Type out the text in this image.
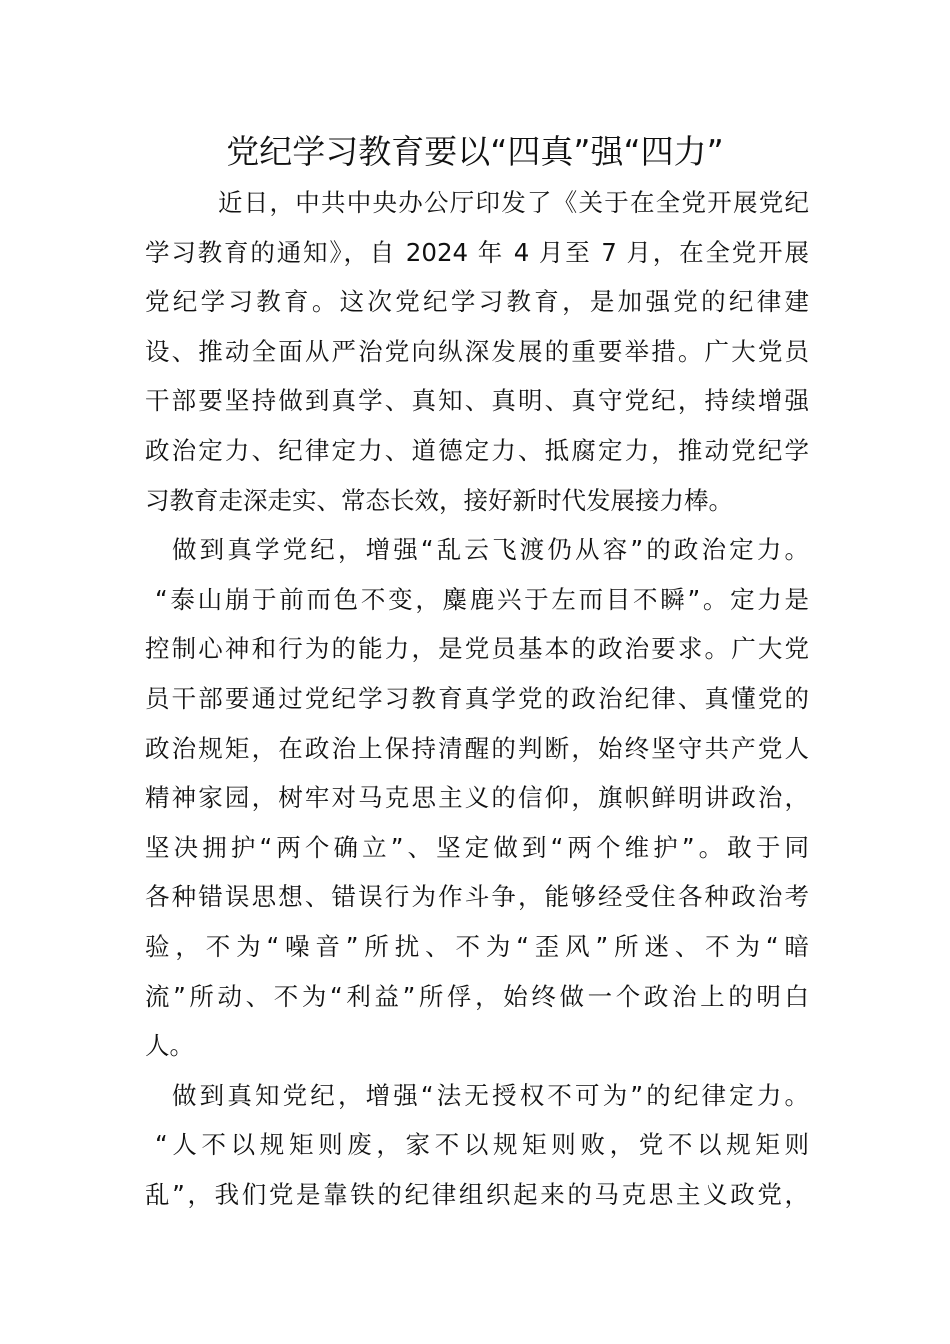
党纪学习教育要以“四真”强“四力”
近日，中共中央办公厅印发了《关于在全党开展党纪
学习教育的通知》，自 2024 年 4 月至 7 月，在全党开展
党纪学习教育。这次党纪学习教育，是加强党的纪律建
设、推动全面从严治党向纵深发展的重要举措。广大党员
干部要坚持做到真学、真知、真明、真守党纪，持续增强
政治定力、纪律定力、道德定力、抵腐定力，推动党纪学
习教育走深走实、常态长效，接好新时代发展接力棒。
做到真学党纪，增强“乱云飞渡仍从容”的政治定力。
“泰山崩于前而色不变，麋鹿兴于左而目不瞬”。定力是
控制心神和行为的能力，是党员基本的政治要求。广大党
员干部要通过党纪学习教育真学党的政治纪律、真懂党的
政治规矩，在政治上保持清醒的判断，始终坚守共产党人
精神家园，树牢对马克思主义的信仰，旗帜鲜明讲政治，
坚决拥护“两个确立”、坚定做到“两个维护”。敢于同
各种错误思想、错误行为作斗争，能够经受住各种政治考
验，不为“噪音”所扰、不为“歪风”所迷、不为“暗
流”所动、不为“利益”所俘，始终做一个政治上的明白
人。
做到真知党纪，增强“法无授权不可为”的纪律定力。
“人不以规矩则废，家不以规矩则败，党不以规矩则
乱”，我们党是靠铁的纪律组织起来的马克思主义政党，
